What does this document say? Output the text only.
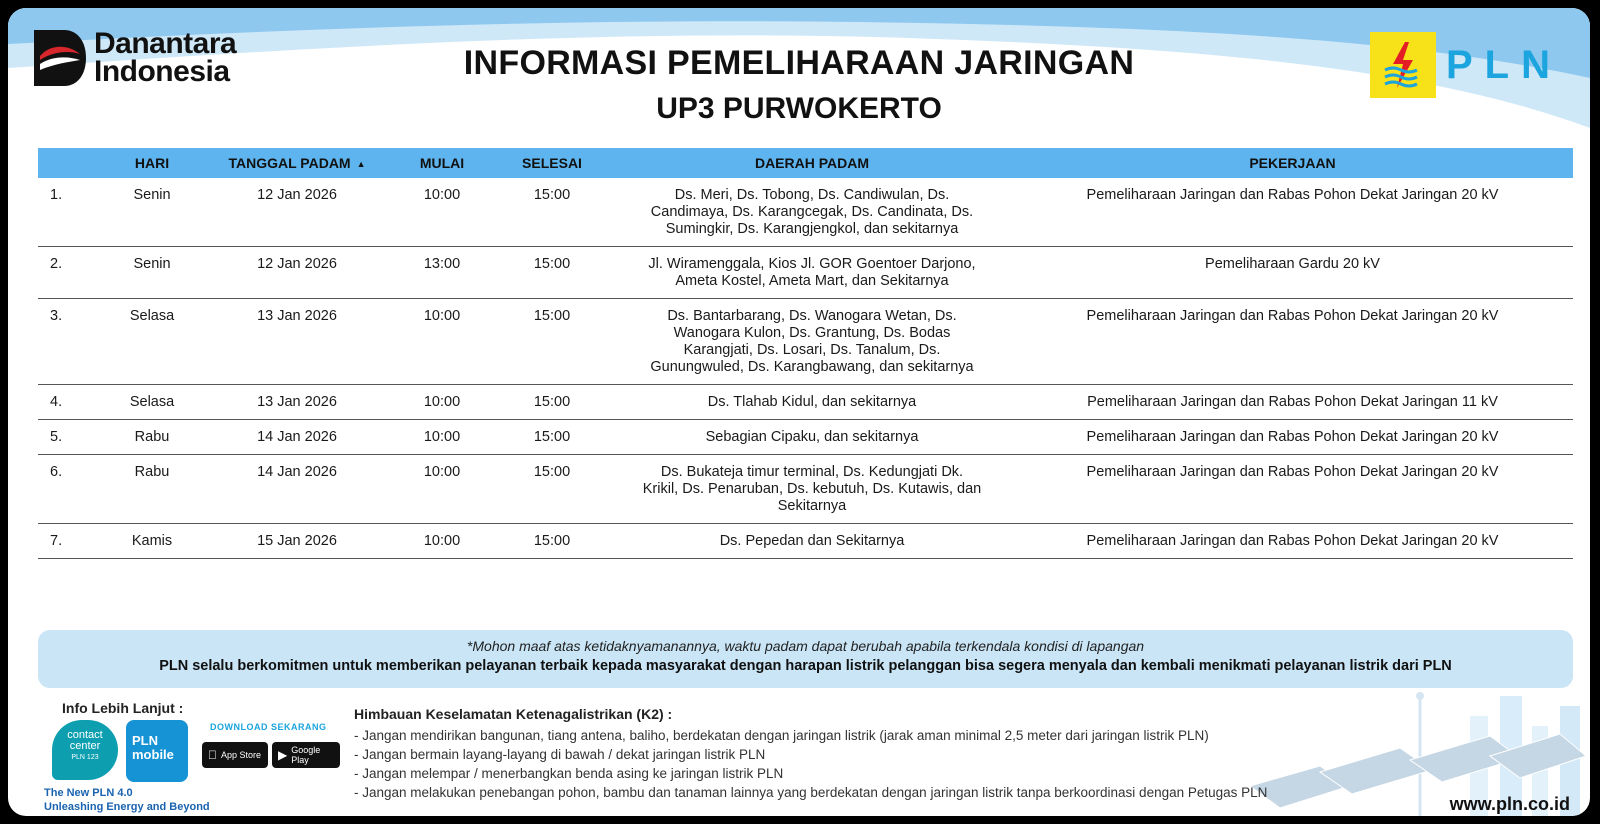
Danantara
Indonesia	INFORMASI PEMELIHARAAN JARINGAN
UP3 PURWOKERTO
PLN
	HARI	TANGGAL PADAM ▲	MULAI	SELESAI	DAERAH PADAM	PEKERJAAN
1.	Senin	12 Jan 2026	10:00	15:00	Ds. Meri, Ds. Tobong, Ds. Candiwulan, Ds.
Candimaya, Ds. Karangcegak, Ds. Candinata, Ds.
Sumingkir, Ds. Karangjengkol, dan sekitarnya	Pemeliharaan Jaringan dan Rabas Pohon Dekat Jaringan 20 kV
2.	Senin	12 Jan 2026	13:00	15:00	Jl. Wiramenggala, Kios Jl. GOR Goentoer Darjono,
Ameta Kostel, Ameta Mart, dan Sekitarnya	Pemeliharaan Gardu 20 kV
3.	Selasa	13 Jan 2026	10:00	15:00	Ds. Bantarbarang, Ds. Wanogara Wetan, Ds.
Wanogara Kulon, Ds. Grantung, Ds. Bodas
Karangjati, Ds. Losari, Ds. Tanalum, Ds.
Gunungwuled, Ds. Karangbawang, dan sekitarnya	Pemeliharaan Jaringan dan Rabas Pohon Dekat Jaringan 20 kV
4.	Selasa	13 Jan 2026	10:00	15:00	Ds. Tlahab Kidul, dan sekitarnya	Pemeliharaan Jaringan dan Rabas Pohon Dekat Jaringan 11 kV
5.	Rabu	14 Jan 2026	10:00	15:00	Sebagian Cipaku, dan sekitarnya	Pemeliharaan Jaringan dan Rabas Pohon Dekat Jaringan 20 kV
6.	Rabu	14 Jan 2026	10:00	15:00	Ds. Bukateja timur terminal, Ds. Kedungjati Dk.
Krikil, Ds. Penaruban, Ds. kebutuh, Ds. Kutawis, dan
Sekitarnya	Pemeliharaan Jaringan dan Rabas Pohon Dekat Jaringan 20 kV
7.	Kamis	15 Jan 2026	10:00	15:00	Ds. Pepedan dan Sekitarnya	Pemeliharaan Jaringan dan Rabas Pohon Dekat Jaringan 20 kV
*Mohon maaf atas ketidaknyamanannya, waktu padam dapat berubah apabila terkendala kondisi di lapangan
PLN selalu berkomitmen untuk memberikan pelayanan terbaik kepada masyarakat dengan harapan listrik pelanggan bisa segera menyala dan kembali menikmati pelayanan listrik dari PLN
Info Lebih Lanjut :
contact
center
PLN 123
PLN
mobile
DOWNLOAD SEKARANG
App Store ▶ Google Play
The New PLN 4.0
Unleashing Energy and Beyond
Himbauan Keselamatan Ketenagalistrikan (K2) :
- Jangan mendirikan bangunan, tiang antena, baliho, berdekatan dengan jaringan listrik (jarak aman minimal 2,5 meter dari jaringan listrik PLN)
- Jangan bermain layang-layang di bawah / dekat jaringan listrik PLN
- Jangan melempar / menerbangkan benda asing ke jaringan listrik PLN
- Jangan melakukan penebangan pohon, bambu dan tanaman lainnya yang berdekatan dengan jaringan listrik tanpa berkoordinasi dengan Petugas PLN
www.pln.co.id
